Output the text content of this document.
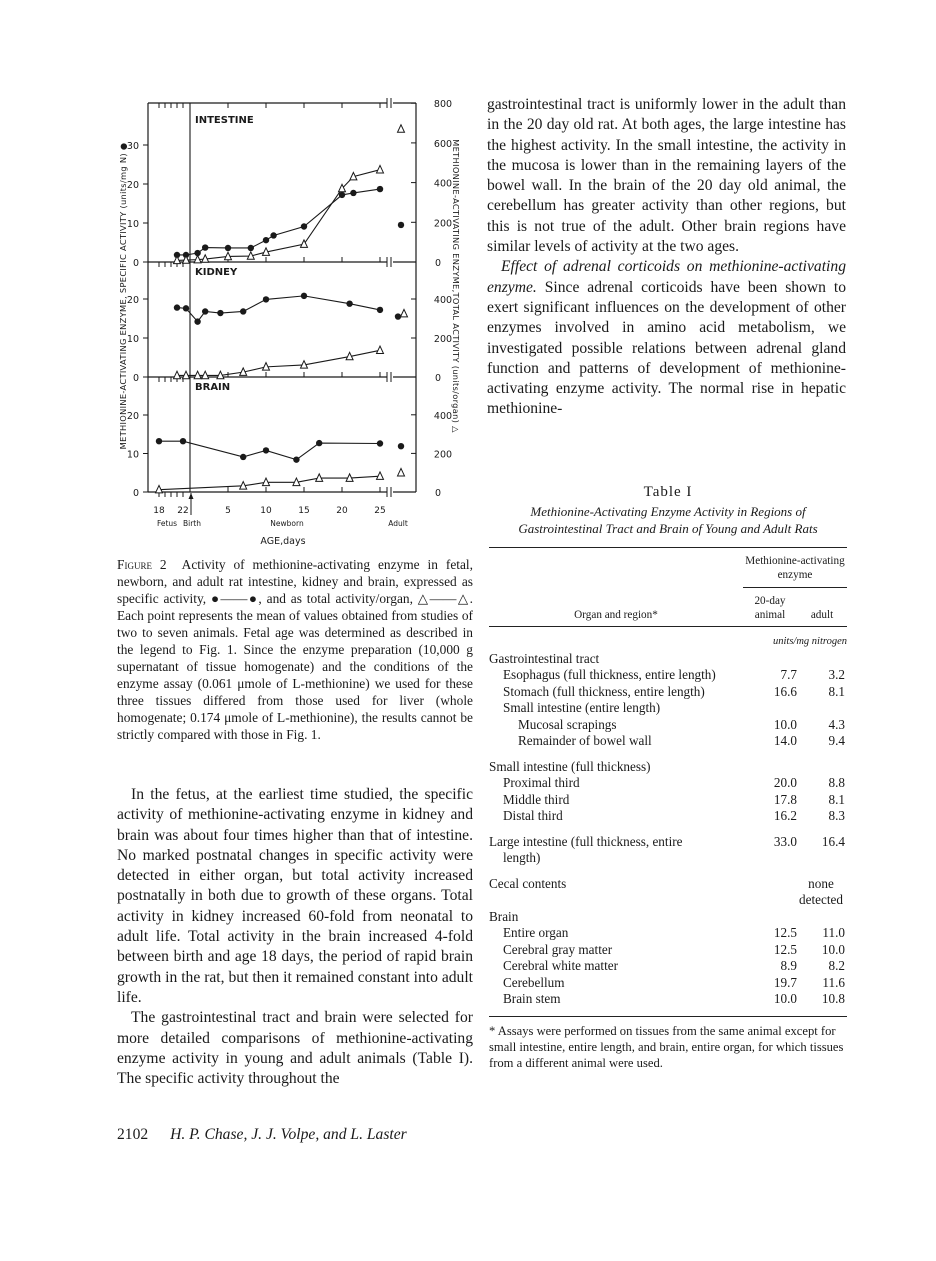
0
10
20
30
0
200
400
600
800
INTESTINE
0
10
20
0
200
400
KIDNEY
0
10
20
0
200
400
BRAIN
18 22	5	10	15	20	25
Fetus Birth	Newborn	Adult
AGE,days
METHIONINE-ACTIVATING ENZYME, SPECIFIC ACTIVITY (units/mg N) ●	METHIONINE-ACTIVATING ENZYME,TOTAL ACTIVITY (units/organ) △
Figure 2 Activity of methionine-activating enzyme in fetal, newborn, and adult rat intestine, kidney and brain, expressed as specific activity, ●——●, and as total activity/organ, △——△. Each point represents the mean of values obtained from studies of two to seven animals. Fetal age was determined as described in the legend to Fig. 1. Since the enzyme preparation (10,000 g supernatant of tissue homogenate) and the conditions of the enzyme assay (0.061 μmole of L-methionine) we used for these three tissues differed from those used for liver (whole homogenate; 0.174 μmole of L-methionine), the results cannot be strictly compared with those in Fig. 1.

In the fetus, at the earliest time studied, the specific activity of methionine-activating enzyme in kidney and brain was about four times higher than that of intestine. No marked postnatal changes in specific activity were detected in either organ, but total activity increased postnatally in both due to growth of these organs. Total activity in kidney increased 60-fold from neonatal to adult life. Total activity in the brain increased 4-fold between birth and age 18 days, the period of rapid brain growth in the rat, but then it remained constant into adult life.

The gastrointestinal tract and brain were selected for more detailed comparisons of methionine-activating enzyme activity in young and adult animals (Table I). The specific activity throughout the

gastrointestinal tract is uniformly lower in the adult than in the 20 day old rat. At both ages, the large intestine has the highest activity. In the small intestine, the activity in the mucosa is lower than in the remaining layers of the bowel wall. In the brain of the 20 day old animal, the cerebellum has greater activity than other regions, but this is not true of the adult. Other brain regions have similar levels of activity at the two ages.

Effect of adrenal corticoids on methionine-activating enzyme. Since adrenal corticoids have been shown to exert significant influences on the development of other enzymes involved in amino acid metabolism, we investigated possible relations between adrenal gland function and patterns of development of methionine-activating enzyme activity. The normal rise in hepatic methionine-

Table I
Methionine-Activating Enzyme Activity in Regions of Gastrointestinal Tract and Brain of Young and Adult Rats
	Methionine-activating enzyme	
Organ and region*	20-day animal	adult

	units/mg nitrogen	
Gastrointestinal tract		
Esophagus (full thickness, entire length)	7.7	3.2
Stomach (full thickness, entire length)	16.6	8.1
Small intestine (entire length)		
Mucosal scrapings	10.0	4.3
Remainder of bowel wall	14.0	9.4
Small intestine (full thickness)		
Proximal third	20.0	8.8
Middle third	17.8	8.1
Distal third	16.2	8.3
Large intestine (full thickness, entire length)	33.0	16.4
Cecal contents		none detected
Brain		
Entire organ	12.5	11.0
Cerebral gray matter	12.5	10.0
Cerebral white matter	8.9	8.2
Cerebellum	19.7	11.6
Brain stem	10.0	10.8
* Assays were performed on tissues from the same animal except for small intestine, entire length, and brain, entire organ, for which tissues from a different animal were used.
2102 H. P. Chase, J. J. Volpe, and L. Laster
